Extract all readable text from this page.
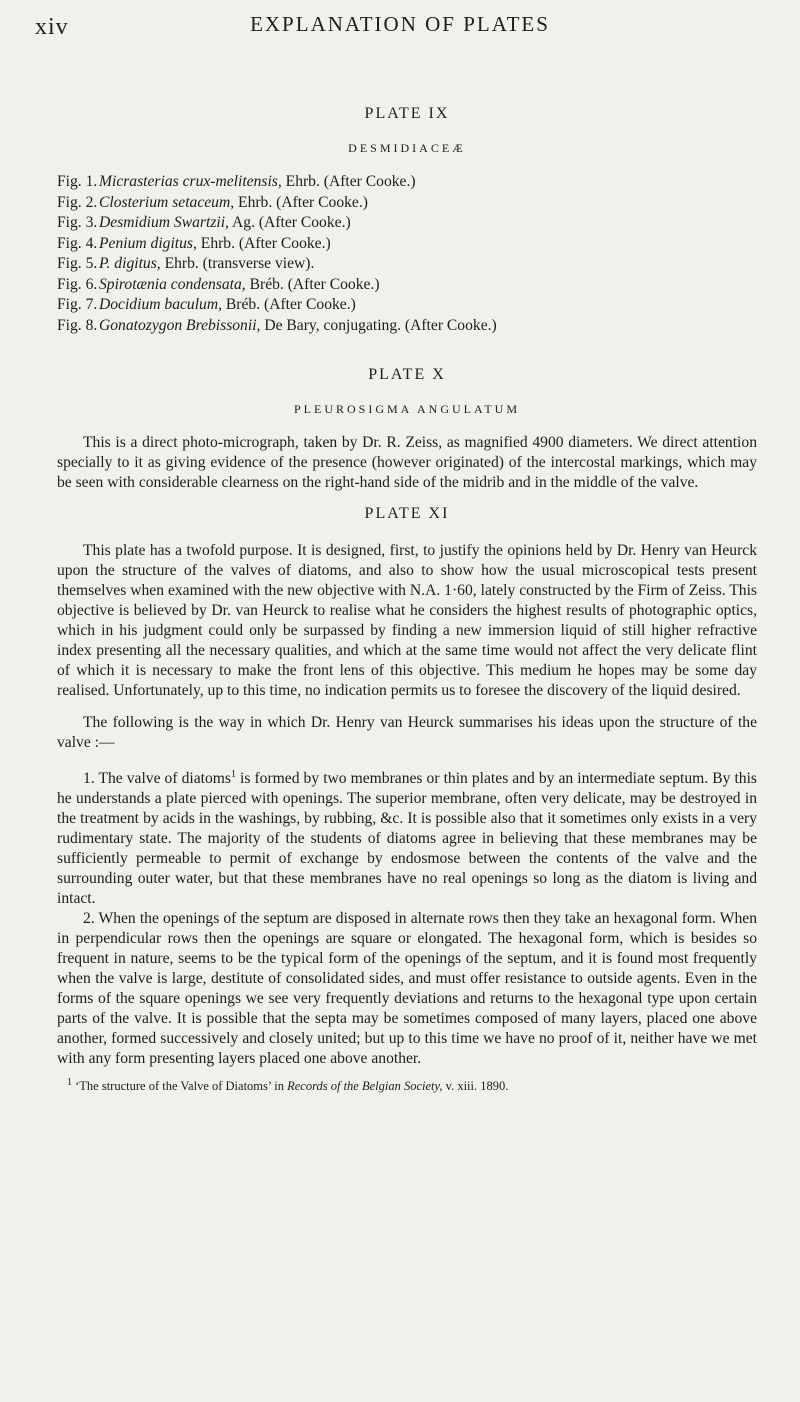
xiv	EXPLANATION OF PLATES
PLATE IX
DESMIDIACEÆ
Fig. 1. Micrasterias crux-melitensis, Ehrb. (After Cooke.)
Fig. 2. Closterium setaceum, Ehrb. (After Cooke.)
Fig. 3. Desmidium Swartzii, Ag. (After Cooke.)
Fig. 4. Penium digitus, Ehrb. (After Cooke.)
Fig. 5. P. digitus, Ehrb. (transverse view).
Fig. 6. Spirotænia condensata, Bréb. (After Cooke.)
Fig. 7. Docidium baculum, Bréb. (After Cooke.)
Fig. 8. Gonatozygon Brebissonii, De Bary, conjugating. (After Cooke.)
PLATE X
PLEUROSIGMA ANGULATUM

This is a direct photo-micrograph, taken by Dr. R. Zeiss, as magnified 4900 diameters. We direct attention specially to it as giving evidence of the presence (however originated) of the intercostal markings, which may be seen with considerable clearness on the right-hand side of the midrib and in the middle of the valve.

PLATE XI

This plate has a twofold purpose. It is designed, first, to justify the opinions held by Dr. Henry van Heurck upon the structure of the valves of diatoms, and also to show how the usual microscopical tests present themselves when examined with the new objective with N.A. 1·60, lately constructed by the Firm of Zeiss. This objective is believed by Dr. van Heurck to realise what he considers the highest results of photographic optics, which in his judgment could only be surpassed by finding a new immersion liquid of still higher refractive index presenting all the necessary qualities, and which at the same time would not affect the very delicate flint of which it is necessary to make the front lens of this objective. This medium he hopes may be some day realised. Unfortunately, up to this time, no indication permits us to foresee the discovery of the liquid desired.

The following is the way in which Dr. Henry van Heurck summarises his ideas upon the structure of the valve :—

1. The valve of diatoms$^1$ is formed by two membranes or thin plates and by an intermediate septum. By this he understands a plate pierced with openings. The superior membrane, often very delicate, may be destroyed in the treatment by acids in the washings, by rubbing, &c. It is possible also that it sometimes only exists in a very rudimentary state. The majority of the students of diatoms agree in believing that these membranes may be sufficiently permeable to permit of exchange by endosmose between the contents of the valve and the surrounding outer water, but that these membranes have no real openings so long as the diatom is living and intact.

2. When the openings of the septum are disposed in alternate rows then they take an hexagonal form. When in perpendicular rows then the openings are square or elongated. The hexagonal form, which is besides so frequent in nature, seems to be the typical form of the openings of the septum, and it is found most frequently when the valve is large, destitute of consolidated sides, and must offer resistance to outside agents. Even in the forms of the square openings we see very frequently deviations and returns to the hexagonal type upon certain parts of the valve. It is possible that the septa may be sometimes composed of many layers, placed one above another, formed successively and closely united; but up to this time we have no proof of it, neither have we met with any form presenting layers placed one above another.

$^1$ ‘The structure of the Valve of Diatoms’ in Records of the Belgian Society, v. xiii. 1890.
